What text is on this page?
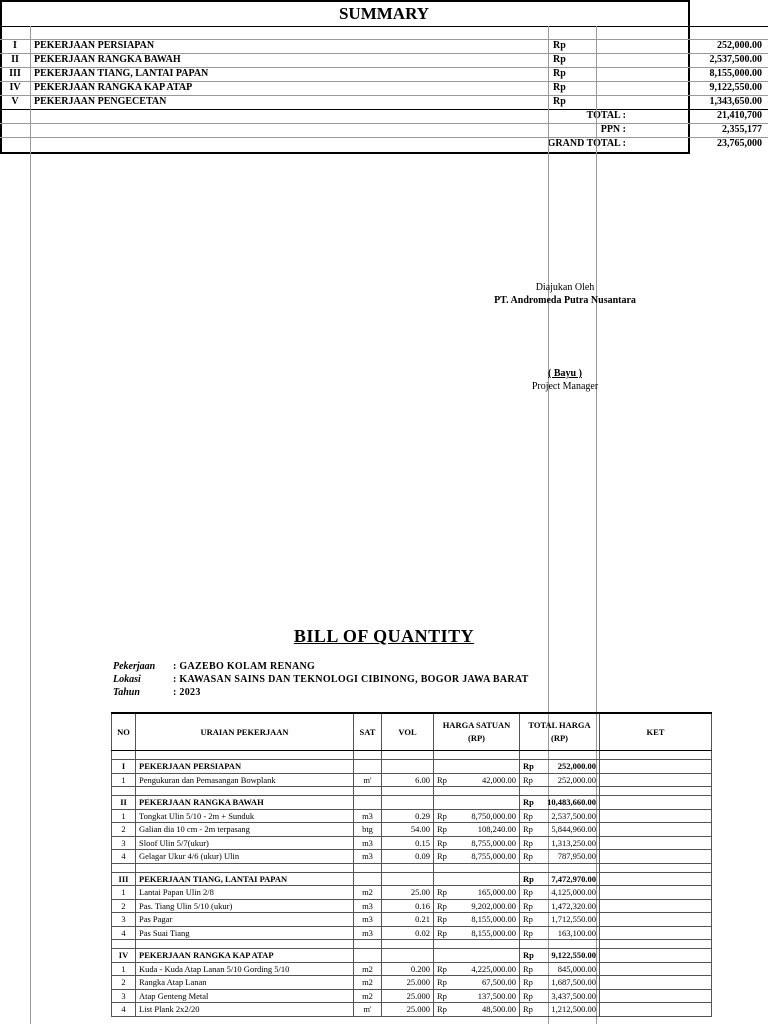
SUMMARY
I	PEKERJAAN PERSIAPAN	Rp	252,000.00
II	PEKERJAAN RANGKA BAWAH	Rp	2,537,500.00
III	PEKERJAAN TIANG, LANTAI PAPAN	Rp	8,155,000.00
IV	PEKERJAAN RANGKA KAP ATAP	Rp	9,122,550.00
V	PEKERJAAN PENGECETAN	Rp	1,343,650.00
TOTAL :	21,410,700
PPN :	2,355,177
GRAND TOTAL :	23,765,000
Diajukan Oleh
PT. Andromeda Putra Nusantara
( Bayu )
Project Manager
BILL OF QUANTITY
Pekerjaan : GAZEBO KOLAM RENANG
Lokasi	: KAWASAN SAINS DAN TEKNOLOGI CIBINONG, BOGOR JAWA BARAT
Tahun	: 2023
NO	URAIAN PEKERJAAN	SAT	VOL	HARGA SATUAN (RP)	TOTAL HARGA (RP)	KET

I	PEKERJAAN PERSIAPAN				Rp 252,000.00	

1	Pengukuran dan Pemasangan Bowplank	m'	6.00	Rp 42,000.00	Rp 252,000.00	

II	PEKERJAAN RANGKA BAWAH				Rp 10,483,660.00	

1	Tongkat Ulin 5/10 - 2m + Sunduk	m3	0.29	Rp 8,750,000.00	Rp 2,537,500.00	

2	Galian dia 10 cm - 2m terpasang	btg	54.00	Rp 108,240.00	Rp 5,844,960.00	

3	Sloof Ulin 5/7(ukur)	m3	0.15	Rp 8,755,000.00	Rp 1,313,250.00	

4	Gelagar Ukur 4/6 (ukur) Ulin	m3	0.09	Rp 8,755,000.00	Rp 787,950.00	

III	PEKERJAAN TIANG, LANTAI PAPAN				Rp 7,472,970.00	

1	Lantai Papan Ulin 2/8	m2	25.00	Rp 165,000.00	Rp 4,125,000.00	

2	Pas. Tiang Ulin 5/10 (ukur)	m3	0.16	Rp 9,202,000.00	Rp 1,472,320.00	

3	Pas Pagar	m3	0.21	Rp 8,155,000.00	Rp 1,712,550.00	

4	Pas Suai Tiang	m3	0.02	Rp 8,155,000.00	Rp 163,100.00	

IV	PEKERJAAN RANGKA KAP ATAP				Rp 9,122,550.00	

1	Kuda - Kuda Atap Lanan 5/10 Gording 5/10	m2	0.200	Rp 4,225,000.00	Rp 845,000.00	

2	Rangka Atap Lanan	m2	25.000	Rp 67,500.00	Rp 1,687,500.00	

3	Atap Genteng Metal	m2	25.000	Rp 137,500.00	Rp 3,437,500.00	

4	List Plank 2x2/20	m'	25.000	Rp 48,500.00	Rp 1,212,500.00	
